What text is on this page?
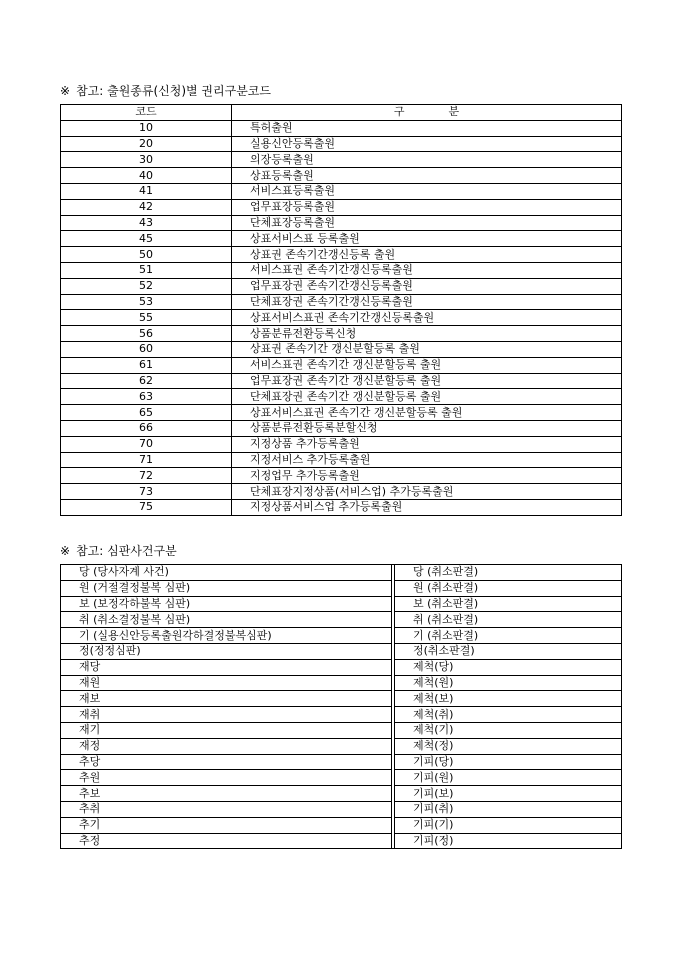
※ 참고: 출원종류(신청)별 권리구분코드
코드	구　　　　분
10	특허출원
20	실용신안등록출원
30	의장등록출원
40	상표등록출원
41	서비스표등록출원
42	업무표장등록출원
43	단체표장등록출원
45	상표서비스표 등록출원
50	상표권 존속기간갱신등록 출원
51	서비스표권 존속기간갱신등록출원
52	업무표장권 존속기간갱신등록출원
53	단체표장권 존속기간갱신등록출원
55	상표서비스표권 존속기간갱신등록출원
56	상품분류전환등록신청
60	상표권 존속기간 갱신분할등록 출원
61	서비스표권 존속기간 갱신분할등록 출원
62	업무표장권 존속기간 갱신분할등록 출원
63	단체표장권 존속기간 갱신분할등록 출원
65	상표서비스표권 존속기간 갱신분할등록 출원
66	상품분류전환등록분할신청
70	지정상품 추가등록출원
71	지정서비스 추가등록출원
72	지정업무 추가등록출원
73	단체표장지정상품(서비스업) 추가등록출원
75	지정상품서비스업 추가등록출원
※ 참고: 심판사건구분
당 (당사자계 사건)		당 (취소판결)
원 (거절결정불복 심판)		원 (취소판결)
보 (보정각하불복 심판)		보 (취소판결)
취 (취소결정불복 심판)		취 (취소판결)
기 (실용신안등록출원각하결정불복심판)		기 (취소판결)
정(정정심판)		정(취소판결)
재당		제척(당)
재원		제척(원)
재보		제척(보)
재취		제척(취)
재기		제척(기)
재정		제척(정)
추당		기피(당)
추원		기피(원)
추보		기피(보)
추취		기피(취)
추기		기피(기)
추정		기피(정)
